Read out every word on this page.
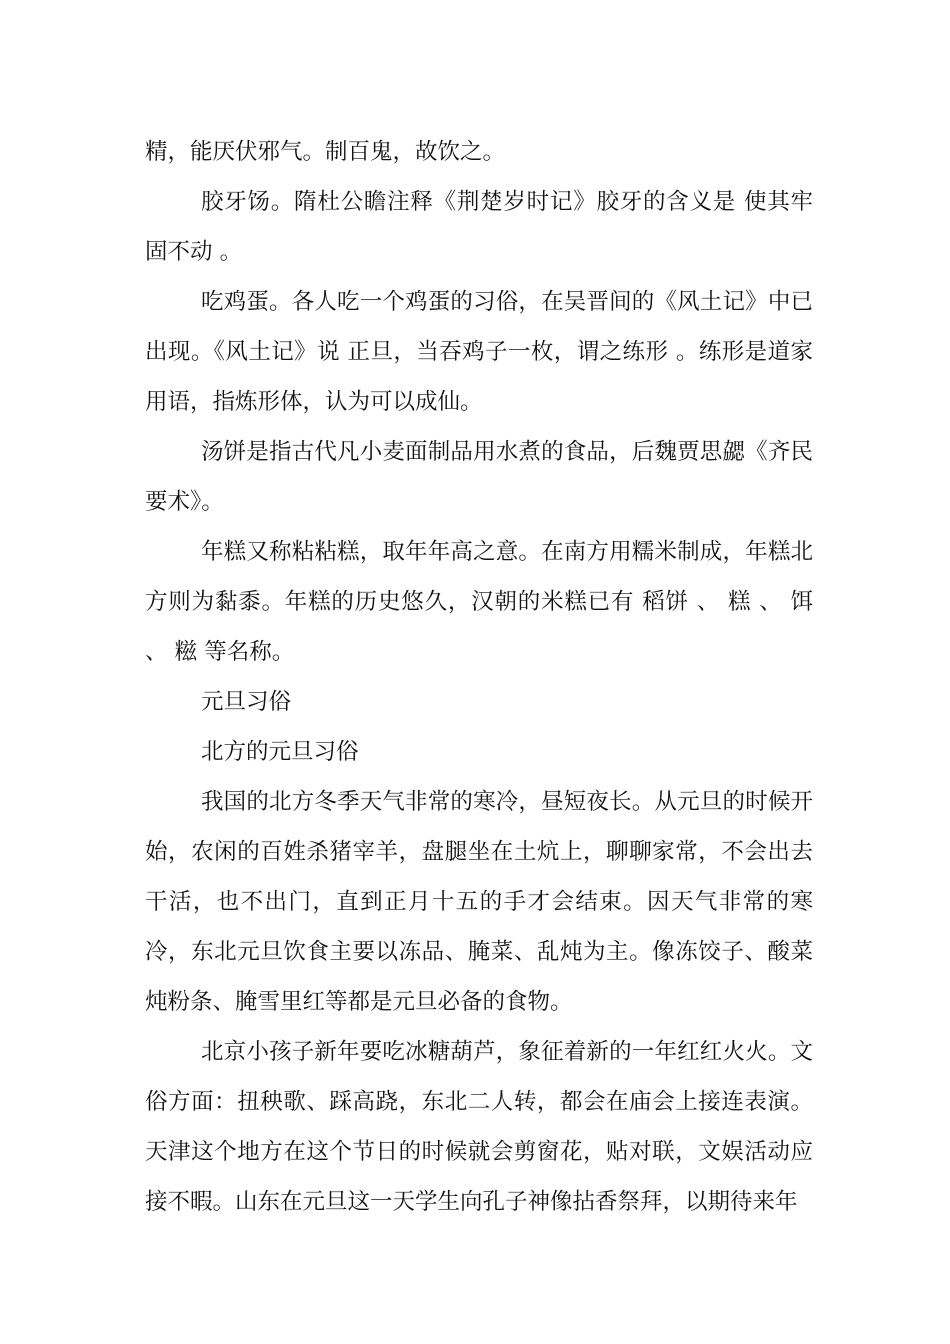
精，能厌伏邪气。制百鬼，故饮之。

胶牙饧。隋杜公瞻注释《荆楚岁时记》胶牙的含义是 使其牢固不动 。

吃鸡蛋。各人吃一个鸡蛋的习俗，在吴晋间的《风土记》中已出现。《风土记》说 正旦，当吞鸡子一枚，谓之练形 。练形是道家用语，指炼形体，认为可以成仙。

汤饼是指古代凡小麦面制品用水煮的食品，后魏贾思勰《齐民要术》。

年糕又称粘粘糕，取年年高之意。在南方用糯米制成，年糕北方则为黏黍。年糕的历史悠久，汉朝的米糕已有 稻饼 、 糕 、 饵 、 糍 等名称。

元旦习俗

北方的元旦习俗

我国的北方冬季天气非常的寒冷，昼短夜长。从元旦的时候开始，农闲的百姓杀猪宰羊，盘腿坐在土炕上，聊聊家常，不会出去干活，也不出门，直到正月十五的手才会结束。因天气非常的寒冷，东北元旦饮食主要以冻品、腌菜、乱炖为主。像冻饺子、酸菜炖粉条、腌雪里红等都是元旦必备的食物。

北京小孩子新年要吃冰糖葫芦，象征着新的一年红红火火。文俗方面：扭秧歌、踩高跷，东北二人转，都会在庙会上接连表演。天津这个地方在这个节日的时候就会剪窗花，贴对联，文娱活动应接不暇。山东在元旦这一天学生向孔子神像拈香祭拜，以期待来年
